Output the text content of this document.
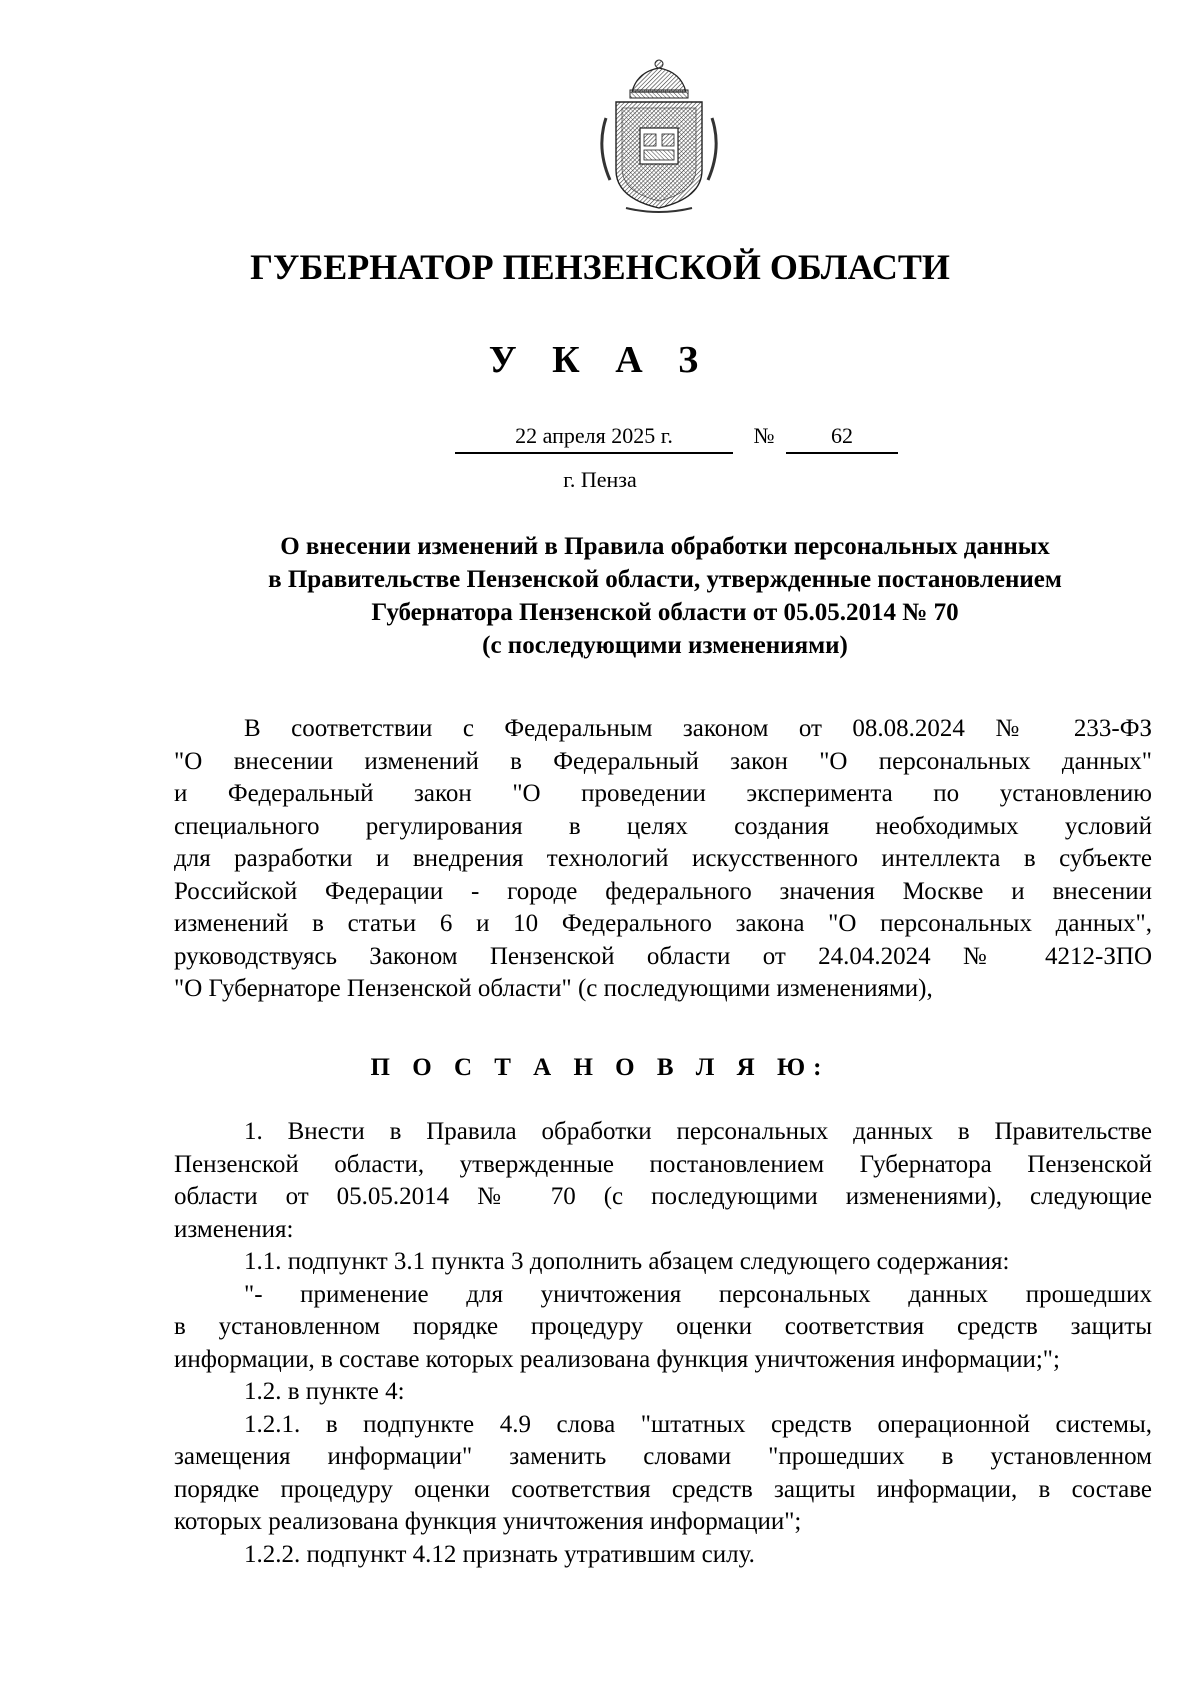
ГУБЕРНАТОР ПЕНЗЕНСКОЙ ОБЛАСТИ
У К А З
22 апреля 2025 г.	№	62
г. Пенза
О внесении изменений в Правила обработки персональных данных
в Правительстве Пензенской области, утвержденные постановлением
Губернатора Пензенской области от 05.05.2014 № 70
(с последующими изменениями)
В соответствии с Федеральным законом от 08.08.2024 № 233-ФЗ
"О внесении изменений в Федеральный закон "О персональных данных"
и Федеральный закон "О проведении эксперимента по установлению
специального регулирования в целях создания необходимых условий
для разработки и внедрения технологий искусственного интеллекта в субъекте
Российской Федерации - городе федерального значения Москве и внесении
изменений в статьи 6 и 10 Федерального закона "О персональных данных",
руководствуясь Законом Пензенской области от 24.04.2024 № 4212-ЗПО
"О Губернаторе Пензенской области" (с последующими изменениями),
П О С Т А Н О В Л Я Ю:
1. Внести в Правила обработки персональных данных в Правительстве
Пензенской области, утвержденные постановлением Губернатора Пензенской
области от 05.05.2014 № 70 (с последующими изменениями), следующие
изменения:
1.1. подпункт 3.1 пункта 3 дополнить абзацем следующего содержания:
"- применение для уничтожения персональных данных прошедших
в установленном порядке процедуру оценки соответствия средств защиты
информации, в составе которых реализована функция уничтожения информации;";
1.2. в пункте 4:
1.2.1. в подпункте 4.9 слова "штатных средств операционной системы,
замещения информации" заменить словами "прошедших в установленном
порядке процедуру оценки соответствия средств защиты информации, в составе
которых реализована функция уничтожения информации";
1.2.2. подпункт 4.12 признать утратившим силу.
